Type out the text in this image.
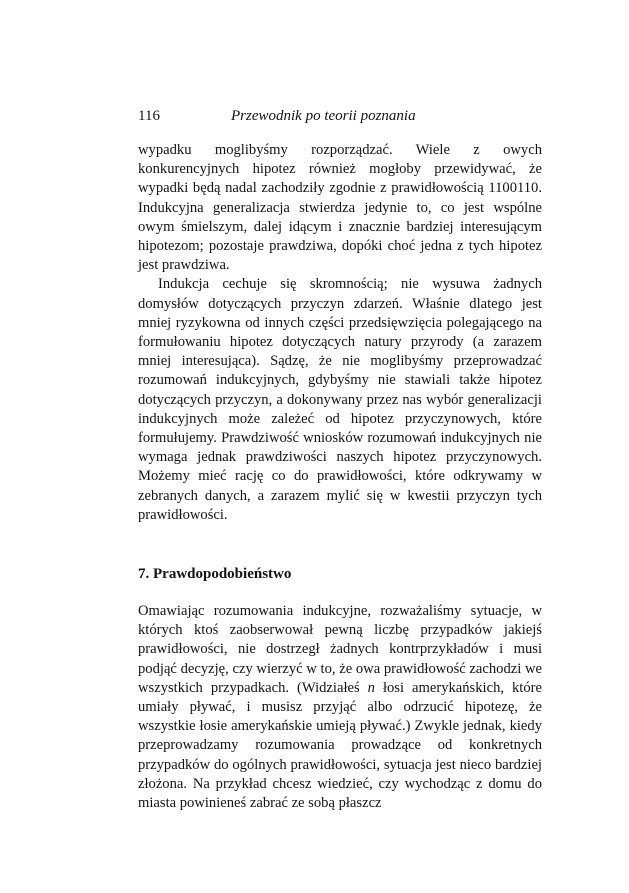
116	Przewodnik po teorii poznania

wypadku moglibyśmy rozporządzać. Wiele z owych konkurencyjnych hipotez również mogłoby przewidywać, że wypadki będą nadal zachodziły zgodnie z prawidłowością 1100110. Indukcyjna generalizacja stwierdza jedynie to, co jest wspólne owym śmielszym, dalej idącym i znacznie bardziej interesującym hipotezom; pozostaje prawdziwa, dopóki choć jedna z tych hipotez jest prawdziwa.

Indukcja cechuje się skromnością; nie wysuwa żadnych domysłów dotyczących przyczyn zdarzeń. Właśnie dlatego jest mniej ryzykowna od innych części przedsięwzięcia polegającego na formułowaniu hipotez dotyczących natury przyrody (a zarazem mniej interesująca). Sądzę, że nie moglibyśmy przeprowadzać rozumowań indukcyjnych, gdybyśmy nie stawiali także hipotez dotyczących przyczyn, a dokonywany przez nas wybór generalizacji indukcyjnych może zależeć od hipotez przyczynowych, które formułujemy. Prawdziwość wniosków rozumowań indukcyjnych nie wymaga jednak prawdziwości naszych hipotez przyczynowych. Możemy mieć rację co do prawidłowości, które odkrywamy w zebranych danych, a zarazem mylić się w kwestii przyczyn tych prawidłowości.

7. Prawdopodobieństwo

Omawiając rozumowania indukcyjne, rozważaliśmy sytuacje, w których ktoś zaobserwował pewną liczbę przypadków jakiejś prawidłowości, nie dostrzegł żadnych kontrprzykładów i musi podjąć decyzję, czy wierzyć w to, że owa prawidłowość zachodzi we wszystkich przypadkach. (Widziałeś n łosi amerykańskich, które umiały pływać, i musisz przyjąć albo odrzucić hipotezę, że wszystkie łosie amerykańskie umieją pływać.) Zwykle jednak, kiedy przeprowadzamy rozumowania prowadzące od konkretnych przypadków do ogólnych prawidłowości, sytuacja jest nieco bardziej złożona. Na przykład chcesz wiedzieć, czy wychodząc z domu do miasta powinieneś zabrać ze sobą płaszcz
